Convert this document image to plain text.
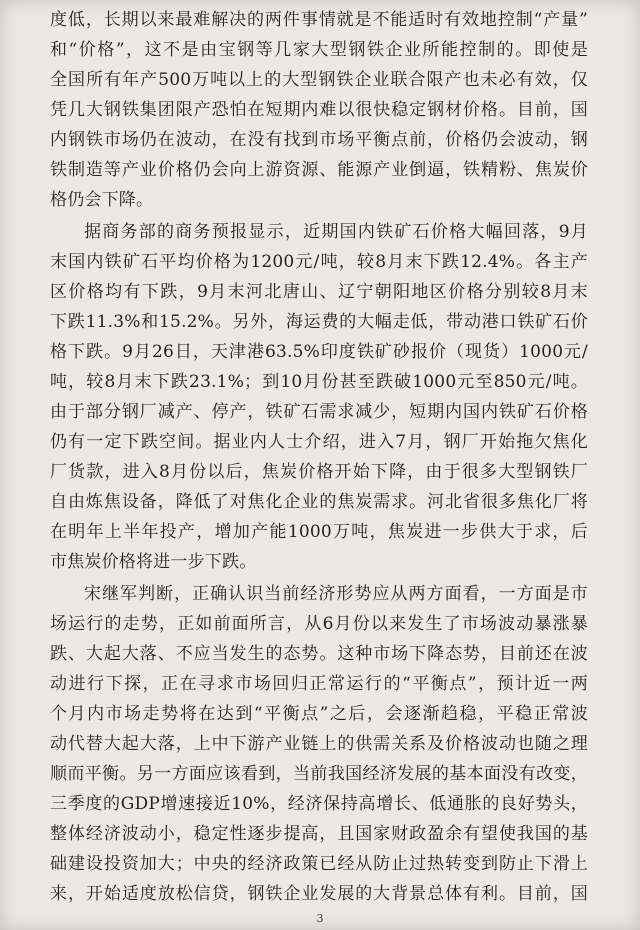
度低，长期以来最难解决的两件事情就是不能适时有效地控制“产量”
和“价格”，这不是由宝钢等几家大型钢铁企业所能控制的。即使是
全国所有年产500万吨以上的大型钢铁企业联合限产也未必有效，仅
凭几大钢铁集团限产恐怕在短期内难以很快稳定钢材价格。目前，国
内钢铁市场仍在波动，在没有找到市场平衡点前，价格仍会波动，钢
铁制造等产业价格仍会向上游资源、能源产业倒逼，铁精粉、焦炭价
格仍会下降。
据商务部的商务预报显示，近期国内铁矿石价格大幅回落，9月
末国内铁矿石平均价格为1200元/吨，较8月末下跌12.4%。各主产
区价格均有下跌，9月末河北唐山、辽宁朝阳地区价格分别较8月末
下跌11.3%和15.2%。另外，海运费的大幅走低，带动港口铁矿石价
格下跌。9月26日，天津港63.5%印度铁矿砂报价（现货）1000元/
吨，较8月末下跌23.1%；到10月份甚至跌破1000元至850元/吨。
由于部分钢厂减产、停产，铁矿石需求减少，短期内国内铁矿石价格
仍有一定下跌空间。据业内人士介绍，进入7月，钢厂开始拖欠焦化
厂货款，进入8月份以后，焦炭价格开始下降，由于很多大型钢铁厂
自由炼焦设备，降低了对焦化企业的焦炭需求。河北省很多焦化厂将
在明年上半年投产，增加产能1000万吨，焦炭进一步供大于求，后
市焦炭价格将进一步下跌。
宋继军判断，正确认识当前经济形势应从两方面看，一方面是市
场运行的走势，正如前面所言，从6月份以来发生了市场波动暴涨暴
跌、大起大落、不应当发生的态势。这种市场下降态势，目前还在波
动进行下探，正在寻求市场回归正常运行的“平衡点”，预计近一两
个月内市场走势将在达到“平衡点”之后，会逐渐趋稳，平稳正常波
动代替大起大落，上中下游产业链上的供需关系及价格波动也随之理
顺而平衡。另一方面应该看到，当前我国经济发展的基本面没有改变，
三季度的GDP增速接近10%，经济保持高增长、低通胀的良好势头，
整体经济波动小，稳定性逐步提高，且国家财政盈余有望使我国的基
础建设投资加大；中央的经济政策已经从防止过热转变到防止下滑上
来，开始适度放松信贷，钢铁企业发展的大背景总体有利。目前，国
3
